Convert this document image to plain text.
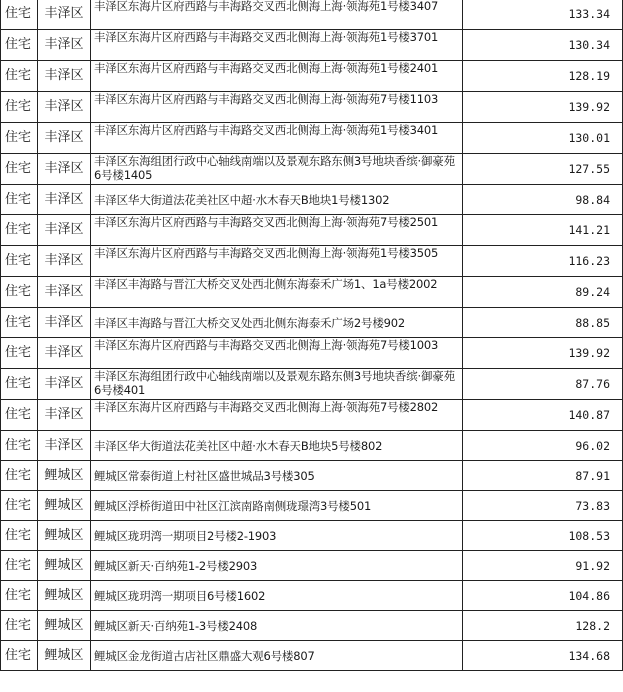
住宅	丰泽区	丰泽区东海片区府西路与丰海路交叉西北侧海上海·领海苑1号楼3407	133.34
住宅	丰泽区	丰泽区东海片区府西路与丰海路交叉西北侧海上海·领海苑1号楼3701	130.34
住宅	丰泽区	丰泽区东海片区府西路与丰海路交叉西北侧海上海·领海苑1号楼2401	128.19
住宅	丰泽区	丰泽区东海片区府西路与丰海路交叉西北侧海上海·领海苑7号楼1103	139.92
住宅	丰泽区	丰泽区东海片区府西路与丰海路交叉西北侧海上海·领海苑1号楼3401	130.01
住宅	丰泽区	丰泽区东海组团行政中心轴线南端以及景观东路东侧3号地块香缤·御豪苑6号楼1405	127.55
住宅	丰泽区	丰泽区华大街道法花美社区中超·水木春天B地块1号楼1302	98.84
住宅	丰泽区	丰泽区东海片区府西路与丰海路交叉西北侧海上海·领海苑7号楼2501	141.21
住宅	丰泽区	丰泽区东海片区府西路与丰海路交叉西北侧海上海·领海苑1号楼3505	116.23
住宅	丰泽区	丰泽区丰海路与晋江大桥交叉处西北侧东海泰禾广场1、1a号楼2002	89.24
住宅	丰泽区	丰泽区丰海路与晋江大桥交叉处西北侧东海泰禾广场2号楼902	88.85
住宅	丰泽区	丰泽区东海片区府西路与丰海路交叉西北侧海上海·领海苑7号楼1003	139.92
住宅	丰泽区	丰泽区东海组团行政中心轴线南端以及景观东路东侧3号地块香缤·御豪苑6号楼401	87.76
住宅	丰泽区	丰泽区东海片区府西路与丰海路交叉西北侧海上海·领海苑7号楼2802	140.87
住宅	丰泽区	丰泽区华大街道法花美社区中超·水木春天B地块5号楼802	96.02
住宅	鲤城区	鲤城区常泰街道上村社区盛世城品3号楼305	87.91
住宅	鲤城区	鲤城区浮桥街道田中社区江滨南路南侧珑璟湾3号楼501	73.83
住宅	鲤城区	鲤城区珑玥湾一期项目2号楼2-1903	108.53
住宅	鲤城区	鲤城区新天·百纳苑1-2号楼2903	91.92
住宅	鲤城区	鲤城区珑玥湾一期项目6号楼1602	104.86
住宅	鲤城区	鲤城区新天·百纳苑1-3号楼2408	128.2
住宅	鲤城区	鲤城区金龙街道古店社区鼎盛大观6号楼807	134.68
